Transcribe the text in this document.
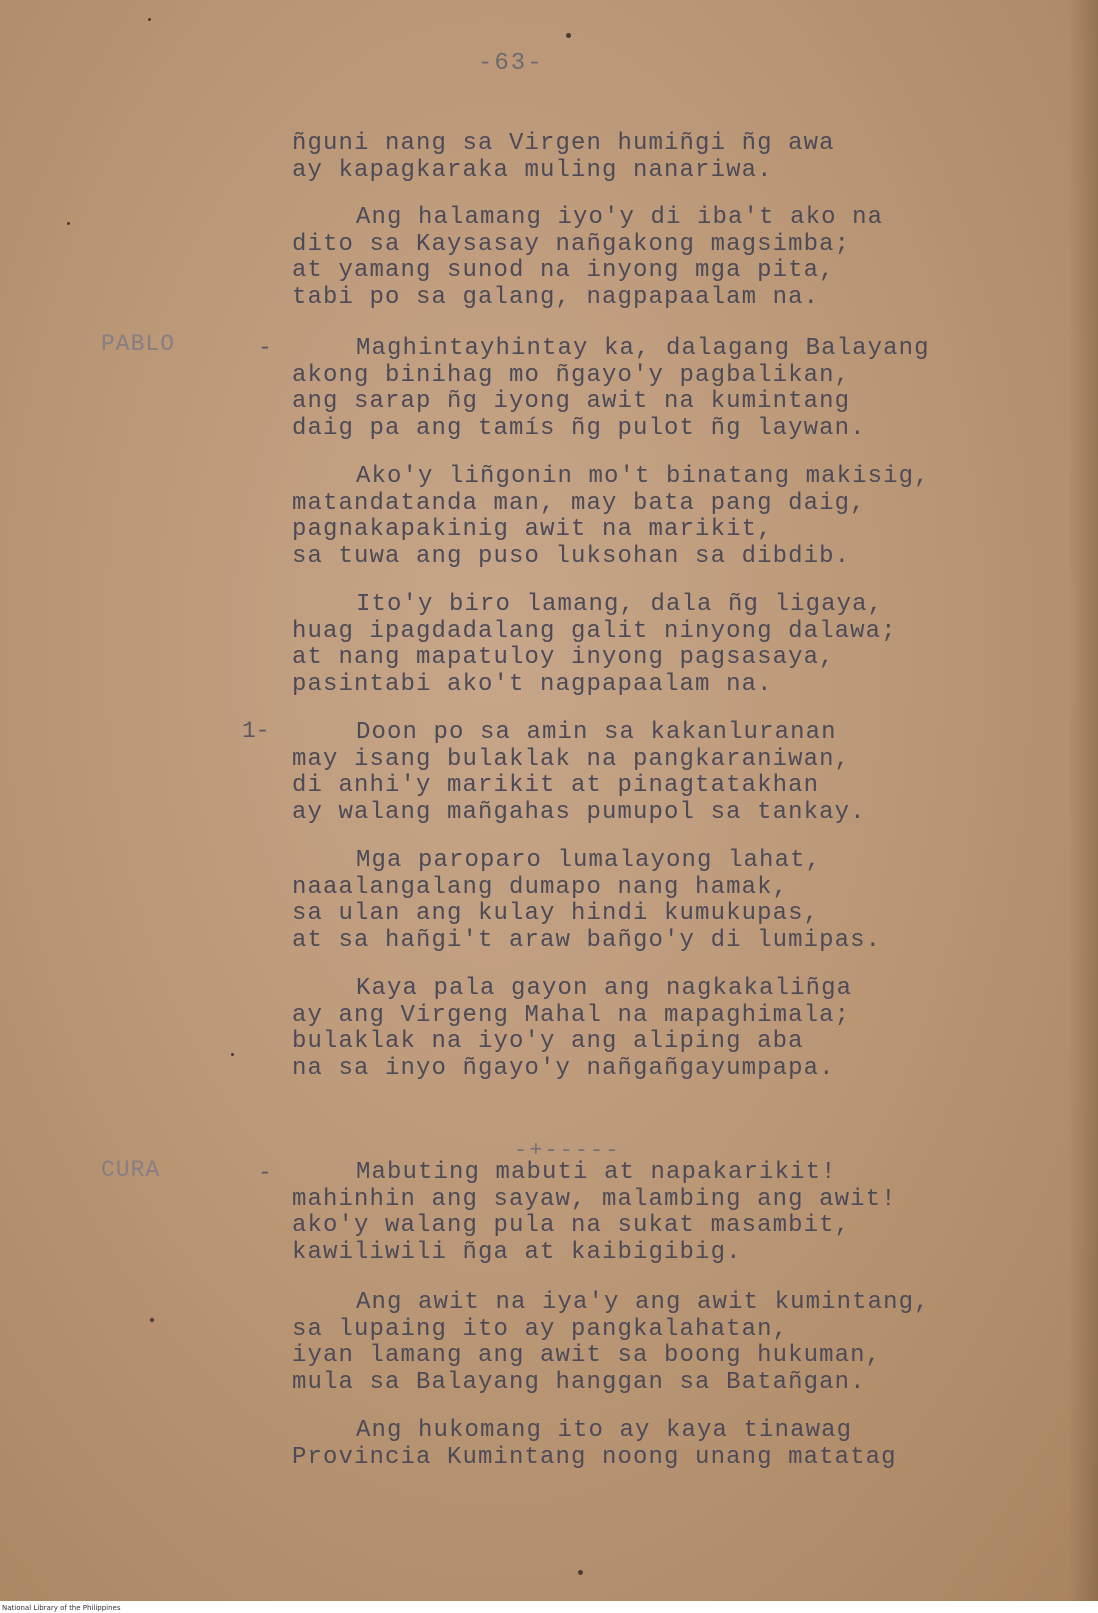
-63-
ñguni nang sa Virgen humiñgi ñg awa
ay kapagkaraka muling nanariwa.
Ang halamang iyo'y di iba't ako na
dito sa Kaysasay nañgakong magsimba;
at yamang sunod na inyong mga pita,
tabi po sa galang, nagpapaalam na.
PABLO	-	Maghintayhintay ka, dalagang Balayang
akong binihag mo ñgayo'y pagbalikan,
ang sarap ñg iyong awit na kumintang
daig pa ang tamís ñg pulot ñg laywan.
Ako'y liñgonin mo't binatang makisig,
matandatanda man, may bata pang daig,
pagnakapakinig awit na marikit,
sa tuwa ang puso luksohan sa dibdib.
Ito'y biro lamang, dala ñg ligaya,
huag ipagdadalang galit ninyong dalawa;
at nang mapatuloy inyong pagsasaya,
pasintabi ako't nagpapaalam na.
1-	Doon po sa amin sa kakanluranan
may isang bulaklak na pangkaraniwan,
di anhi'y marikit at pinagtatakhan
ay walang mañgahas pumupol sa tankay.
Mga paroparo lumalayong lahat,
naaalangalang dumapo nang hamak,
sa ulan ang kulay hindi kumukupas,
at sa hañgi't araw bañgo'y di lumipas.
Kaya pala gayon ang nagkakaliñga
ay ang Virgeng Mahal na mapaghimala;
bulaklak na iyo'y ang aliping aba
na sa inyo ñgayo'y nañgañgayumpapa.
-+-----
CURA	-	Mabuting mabuti at napakarikit!
mahinhin ang sayaw, malambing ang awit!
ako'y walang pula na sukat masambit,
kawiliwili ñga at kaibigibig.
Ang awit na iya'y ang awit kumintang,
sa lupaing ito ay pangkalahatan,
iyan lamang ang awit sa boong hukuman,
mula sa Balayang hanggan sa Batañgan.
Ang hukomang ito ay kaya tinawag
Provincia Kumintang noong unang matatag
National Library of the Philippines
